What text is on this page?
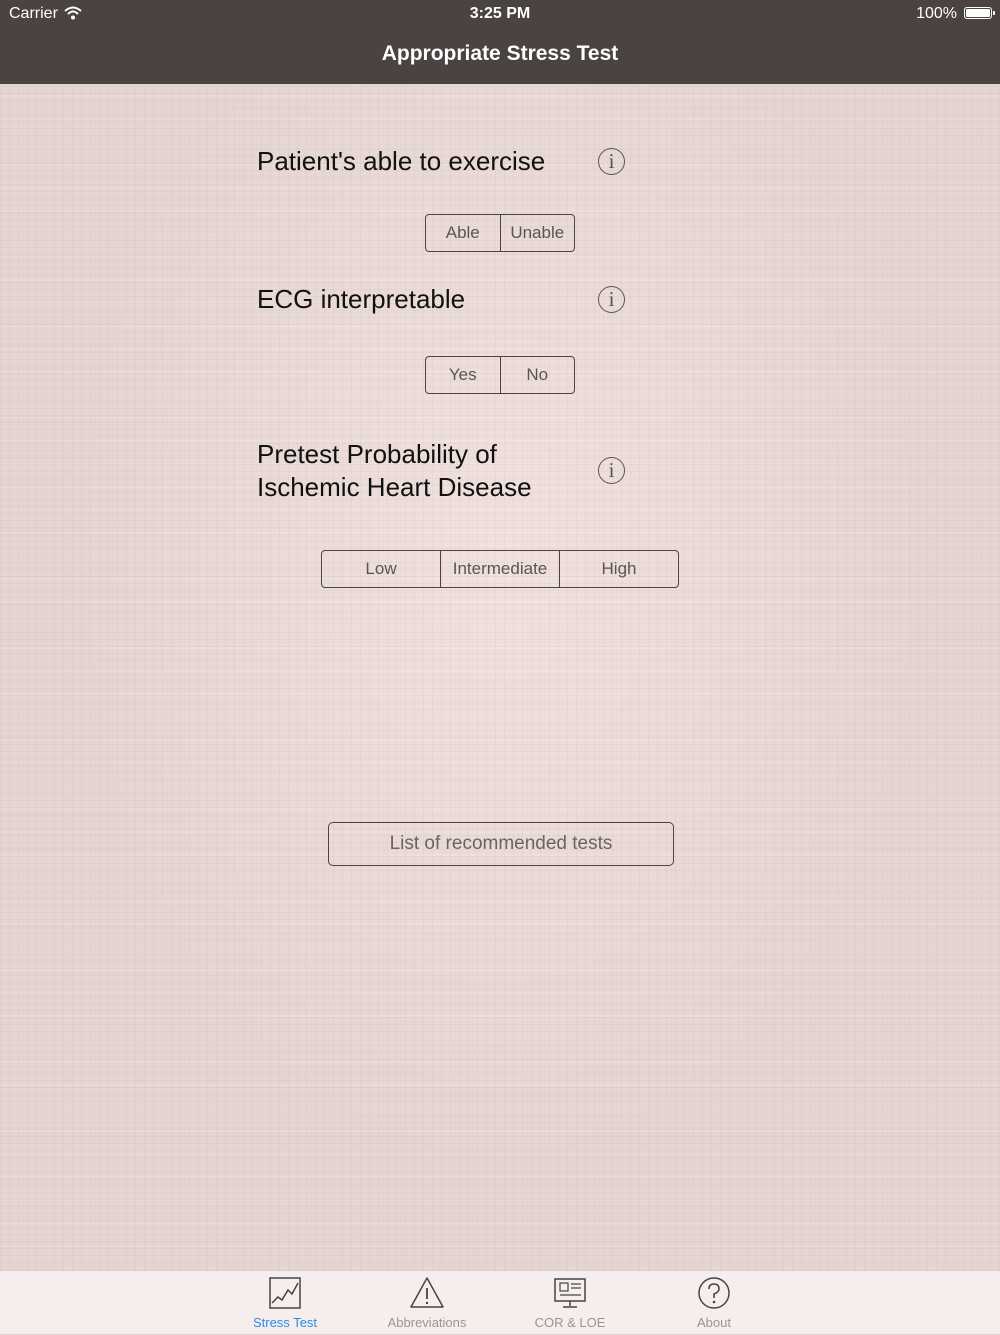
Carrier	3:25 PM	100%
Appropriate Stress Test
Patient's able to exercise	i
Able	Unable
ECG interpretable	i
Yes	No
Pretest Probability of
Ischemic Heart Disease
i
Low	Intermediate	High
List of recommended tests
Stress Test	Abbreviations	COR & LOE	About
